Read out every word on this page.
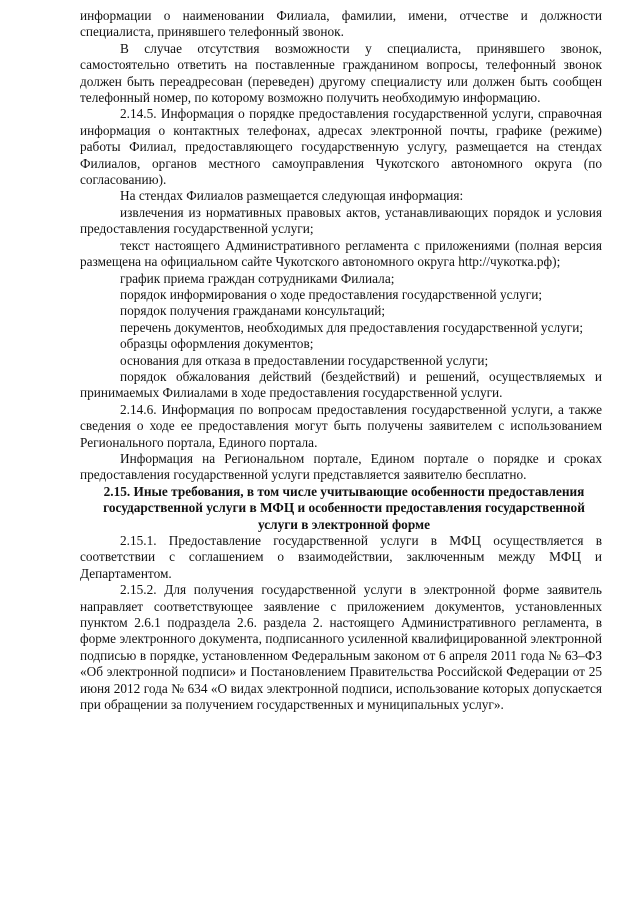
информации о наименовании Филиала, фамилии, имени, отчестве и должности специалиста, принявшего телефонный звонок.

В случае отсутствия возможности у специалиста, принявшего звонок, самостоятельно ответить на поставленные гражданином вопросы, телефонный звонок должен быть переадресован (переведен) другому специалисту или должен быть сообщен телефонный номер, по которому возможно получить необходимую информацию.

2.14.5. Информация о порядке предоставления государственной услуги, справочная информация о контактных телефонах, адресах электронной почты, графике (режиме) работы Филиал, предоставляющего государственную услугу, размещается на стендах Филиалов, органов местного самоуправления Чукотского автономного округа (по согласованию).

На стендах Филиалов размещается следующая информация:

извлечения из нормативных правовых актов, устанавливающих порядок и условия предоставления государственной услуги;

текст настоящего Административного регламента с приложениями (полная версия размещена на официальном сайте Чукотского автономного округа http://чукотка.рф);

график приема граждан сотрудниками Филиала;

порядок информирования о ходе предоставления государственной услуги;

порядок получения гражданами консультаций;

перечень документов, необходимых для предоставления государственной услуги;

образцы оформления документов;

основания для отказа в предоставлении государственной услуги;

порядок обжалования действий (бездействий) и решений, осуществляемых и принимаемых Филиалами в ходе предоставления государственной услуги.

2.14.6. Информация по вопросам предоставления государственной услуги, а также сведения о ходе ее предоставления могут быть получены заявителем с использованием Регионального портала, Единого портала.

Информация на Региональном портале, Едином портале о порядке и сроках предоставления государственной услуги представляется заявителю бесплатно.

2.15. Иные требования, в том числе учитывающие особенности предоставления государственной услуги в МФЦ и особенности предоставления государственной услуги в электронной форме

2.15.1. Предоставление государственной услуги в МФЦ осуществляется в соответствии с соглашением о взаимодействии, заключенным между МФЦ и Департаментом.

2.15.2. Для получения государственной услуги в электронной форме заявитель направляет соответствующее заявление с приложением документов, установленных пунктом 2.6.1 подраздела 2.6. раздела 2. настоящего Административного регламента, в форме электронного документа, подписанного усиленной квалифицированной электронной подписью в порядке, установленном Федеральным законом от 6 апреля 2011 года № 63–ФЗ «Об электронной подписи» и Постановлением Правительства Российской Федерации от 25 июня 2012 года № 634 «О видах электронной подписи, использование которых допускается при обращении за получением государственных и муниципальных услуг».
